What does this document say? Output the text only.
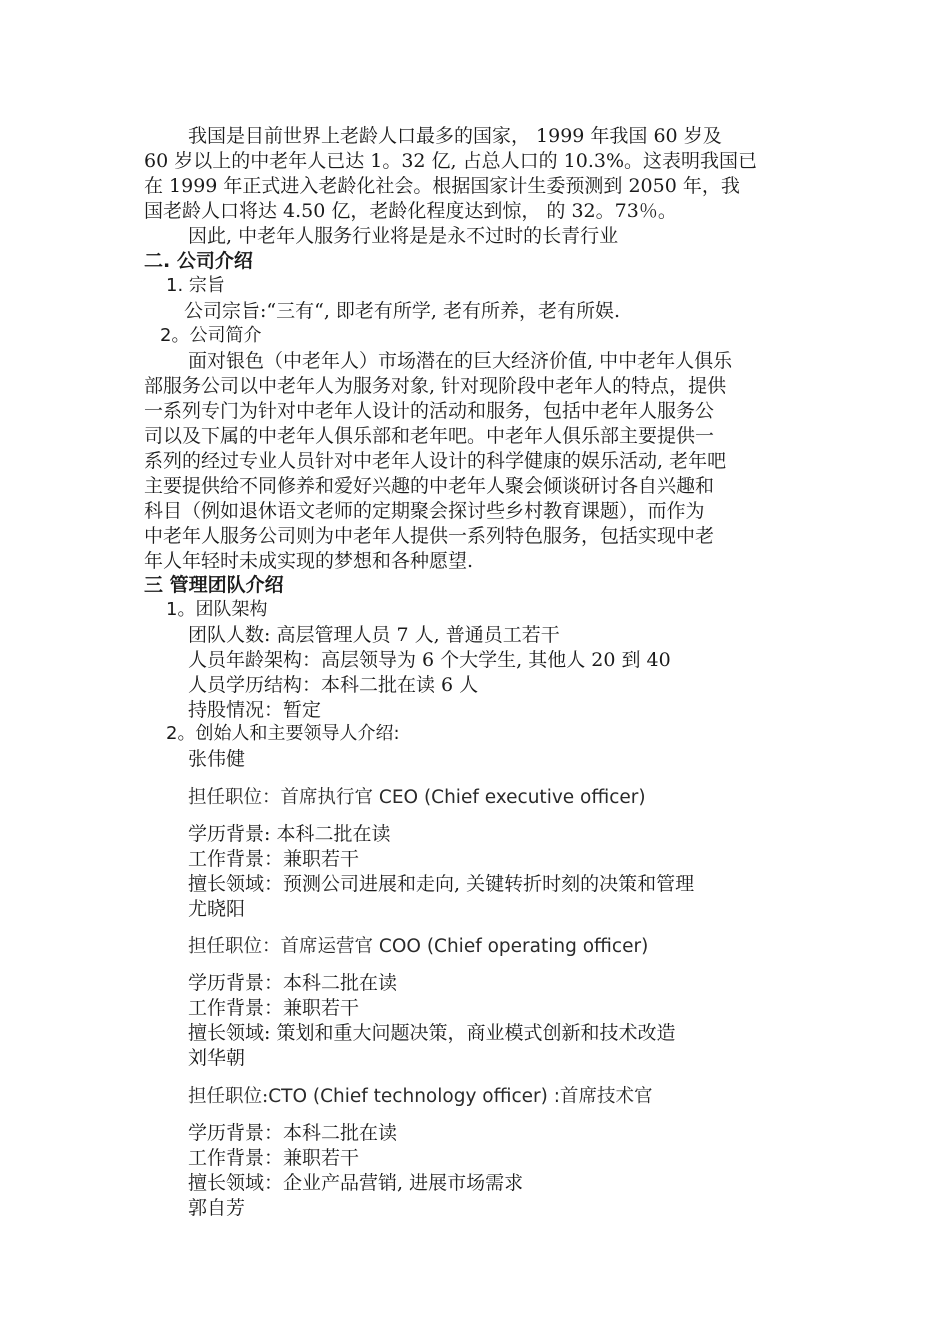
我国是目前世界上老龄人口最多的国家， 1999 年我国 60 岁及
60 岁以上的中老年人已达 1。32 亿, 占总人口的 10.3%。这表明我国已
在 1999 年正式进入老龄化社会。根据国家计生委预测到 2050 年，我
国老龄人口将达 4.50 亿，老龄化程度达到惊， 的 32。73％。
因此, 中老年人服务行业将是是永不过时的长青行业
二. 公司介绍
1. 宗旨
公司宗旨:“三有“, 即老有所学, 老有所养，老有所娱.
2。公司简介
面对银色（中老年人）市场潜在的巨大经济价值, 中中老年人俱乐
部服务公司以中老年人为服务对象, 针对现阶段中老年人的特点，提供
一系列专门为针对中老年人设计的活动和服务，包括中老年人服务公
司以及下属的中老年人俱乐部和老年吧。中老年人俱乐部主要提供一
系列的经过专业人员针对中老年人设计的科学健康的娱乐活动, 老年吧
主要提供给不同修养和爱好兴趣的中老年人聚会倾谈研讨各自兴趣和
科目（例如退休语文老师的定期聚会探讨些乡村教育课题），而作为
中老年人服务公司则为中老年人提供一系列特色服务，包括实现中老
年人年轻时未成实现的梦想和各种愿望.
三 管理团队介绍
1。团队架构
团队人数: 高层管理人员 7 人, 普通员工若干
人员年龄架构：高层领导为 6 个大学生, 其他人 20 到 40
人员学历结构：本科二批在读 6 人
持股情况：暂定
2。创始人和主要领导人介绍:
张伟健
担任职位：首席执行官 CEO (Chief executive officer)
学历背景: 本科二批在读
工作背景：兼职若干
擅长领域：预测公司进展和走向, 关键转折时刻的决策和管理
尤晓阳
担任职位：首席运营官 COO (Chief operating officer)
学历背景：本科二批在读
工作背景：兼职若干
擅长领域: 策划和重大问题决策，商业模式创新和技术改造
刘华朝
担任职位:CTO (Chief technology officer) :首席技术官
学历背景：本科二批在读
工作背景：兼职若干
擅长领域：企业产品营销, 进展市场需求
郭自芳
